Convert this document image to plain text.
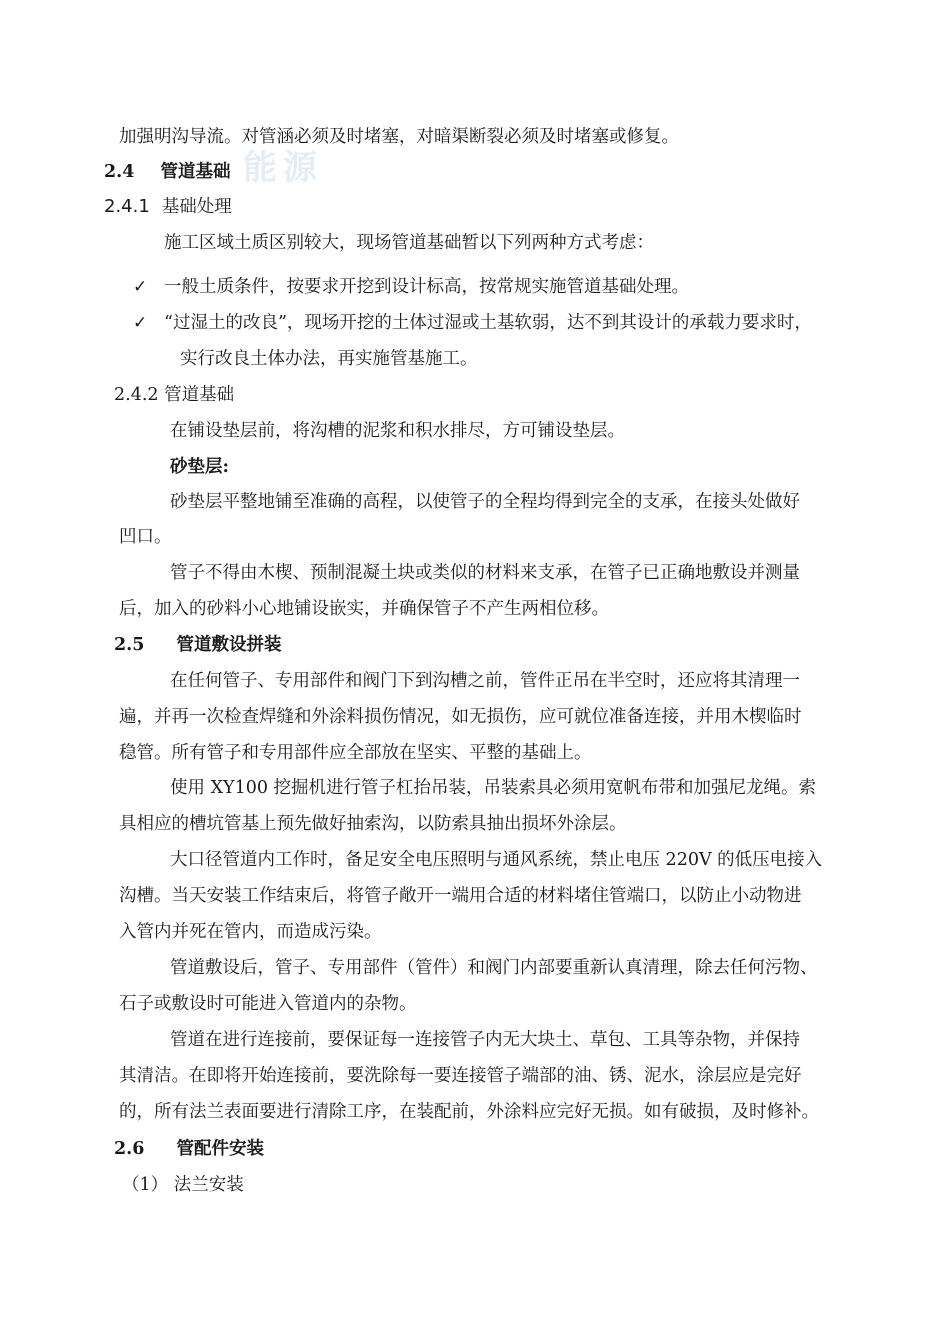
能源
加强明沟导流。对管涵必须及时堵塞，对暗渠断裂必须及时堵塞或修复。
2.4 管道基础
2.4.1 基础处理
施工区域土质区别较大，现场管道基础暂以下列两种方式考虑：
✓ 一般土质条件，按要求开挖到设计标高，按常规实施管道基础处理。
✓ “过湿土的改良”，现场开挖的土体过湿或土基软弱，达不到其设计的承载力要求时，
实行改良土体办法，再实施管基施工。
2.4.2 管道基础
在铺设垫层前，将沟槽的泥浆和积水排尽，方可铺设垫层。
砂垫层:
砂垫层平整地铺至准确的高程，以使管子的全程均得到完全的支承，在接头处做好
凹口。
管子不得由木楔、预制混凝土块或类似的材料来支承，在管子已正确地敷设并测量
后，加入的砂料小心地铺设嵌实，并确保管子不产生两相位移。
2.5 管道敷设拼装
在任何管子、专用部件和阀门下到沟槽之前，管件正吊在半空时，还应将其清理一
遍，并再一次检查焊缝和外涂料损伤情况，如无损伤，应可就位准备连接，并用木楔临时
稳管。所有管子和专用部件应全部放在坚实、平整的基础上。
使用 XY100 挖掘机进行管子杠抬吊装，吊装索具必须用宽帆布带和加强尼龙绳。索
具相应的槽坑管基上预先做好抽索沟，以防索具抽出损坏外涂层。
大口径管道内工作时，备足安全电压照明与通风系统，禁止电压 220V 的低压电接入
沟槽。当天安装工作结束后，将管子敞开一端用合适的材料堵住管端口，以防止小动物进
入管内并死在管内，而造成污染。
管道敷设后，管子、专用部件（管件）和阀门内部要重新认真清理，除去任何污物、
石子或敷设时可能进入管道内的杂物。
管道在进行连接前，要保证每一连接管子内无大块土、草包、工具等杂物，并保持
其清洁。在即将开始连接前，要洗除每一要连接管子端部的油、锈、泥水，涂层应是完好
的，所有法兰表面要进行清除工序，在装配前，外涂料应完好无损。如有破损，及时修补。
2.6 管配件安装
（1） 法兰安装
